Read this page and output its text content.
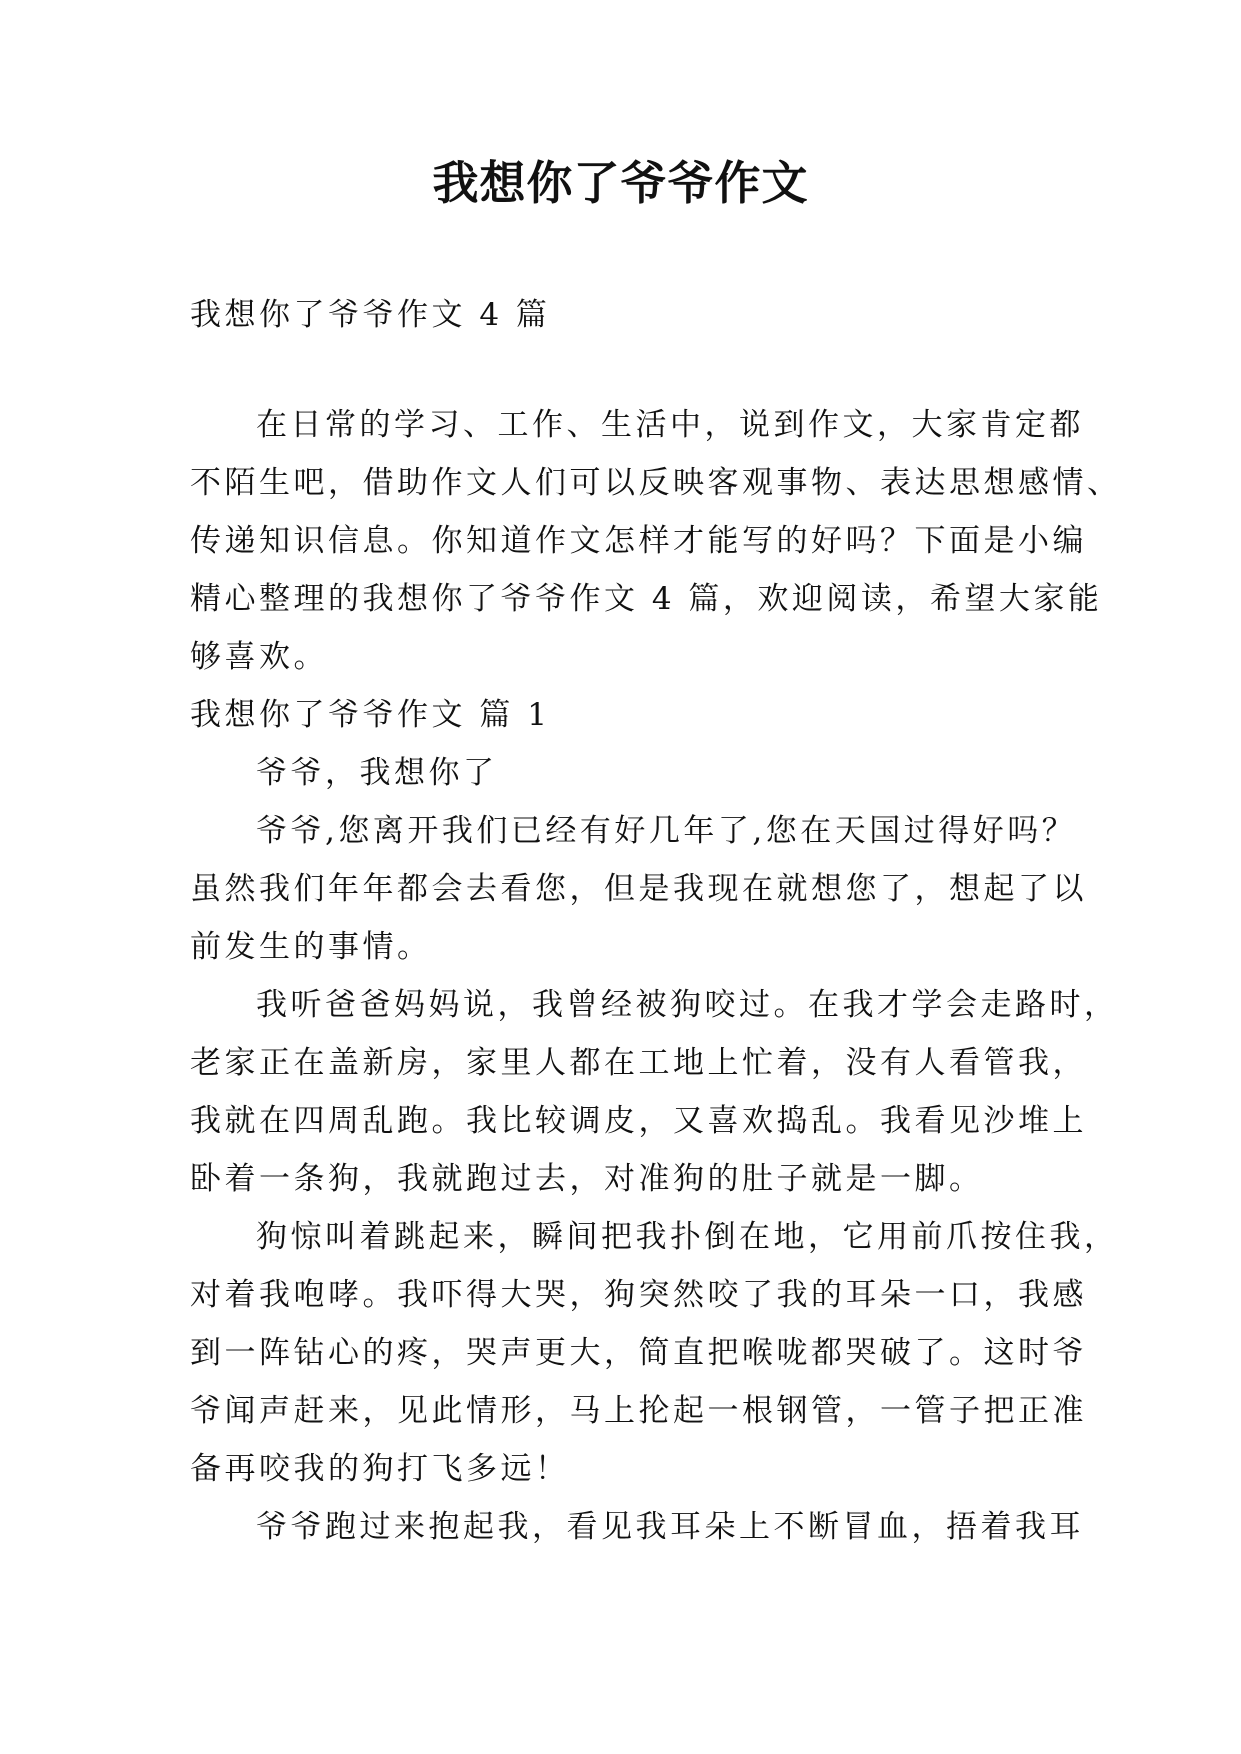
我想你了爷爷作文
我想你了爷爷作文 4 篇
在日常的学习、工作、生活中，说到作文，大家肯定都
不陌生吧，借助作文人们可以反映客观事物、表达思想感情、
传递知识信息。你知道作文怎样才能写的好吗？下面是小编
精心整理的我想你了爷爷作文 4 篇，欢迎阅读，希望大家能
够喜欢。
我想你了爷爷作文 篇 1
爷爷，我想你了
爷爷,您离开我们已经有好几年了,您在天国过得好吗？
虽然我们年年都会去看您，但是我现在就想您了，想起了以
前发生的事情。
我听爸爸妈妈说，我曾经被狗咬过。在我才学会走路时，
老家正在盖新房，家里人都在工地上忙着，没有人看管我，
我就在四周乱跑。我比较调皮，又喜欢捣乱。我看见沙堆上
卧着一条狗，我就跑过去，对准狗的肚子就是一脚。
狗惊叫着跳起来，瞬间把我扑倒在地，它用前爪按住我，
对着我咆哮。我吓得大哭，狗突然咬了我的耳朵一口，我感
到一阵钻心的疼，哭声更大，简直把喉咙都哭破了。这时爷
爷闻声赶来，见此情形，马上抡起一根钢管，一管子把正准
备再咬我的狗打飞多远！
爷爷跑过来抱起我，看见我耳朵上不断冒血，捂着我耳
